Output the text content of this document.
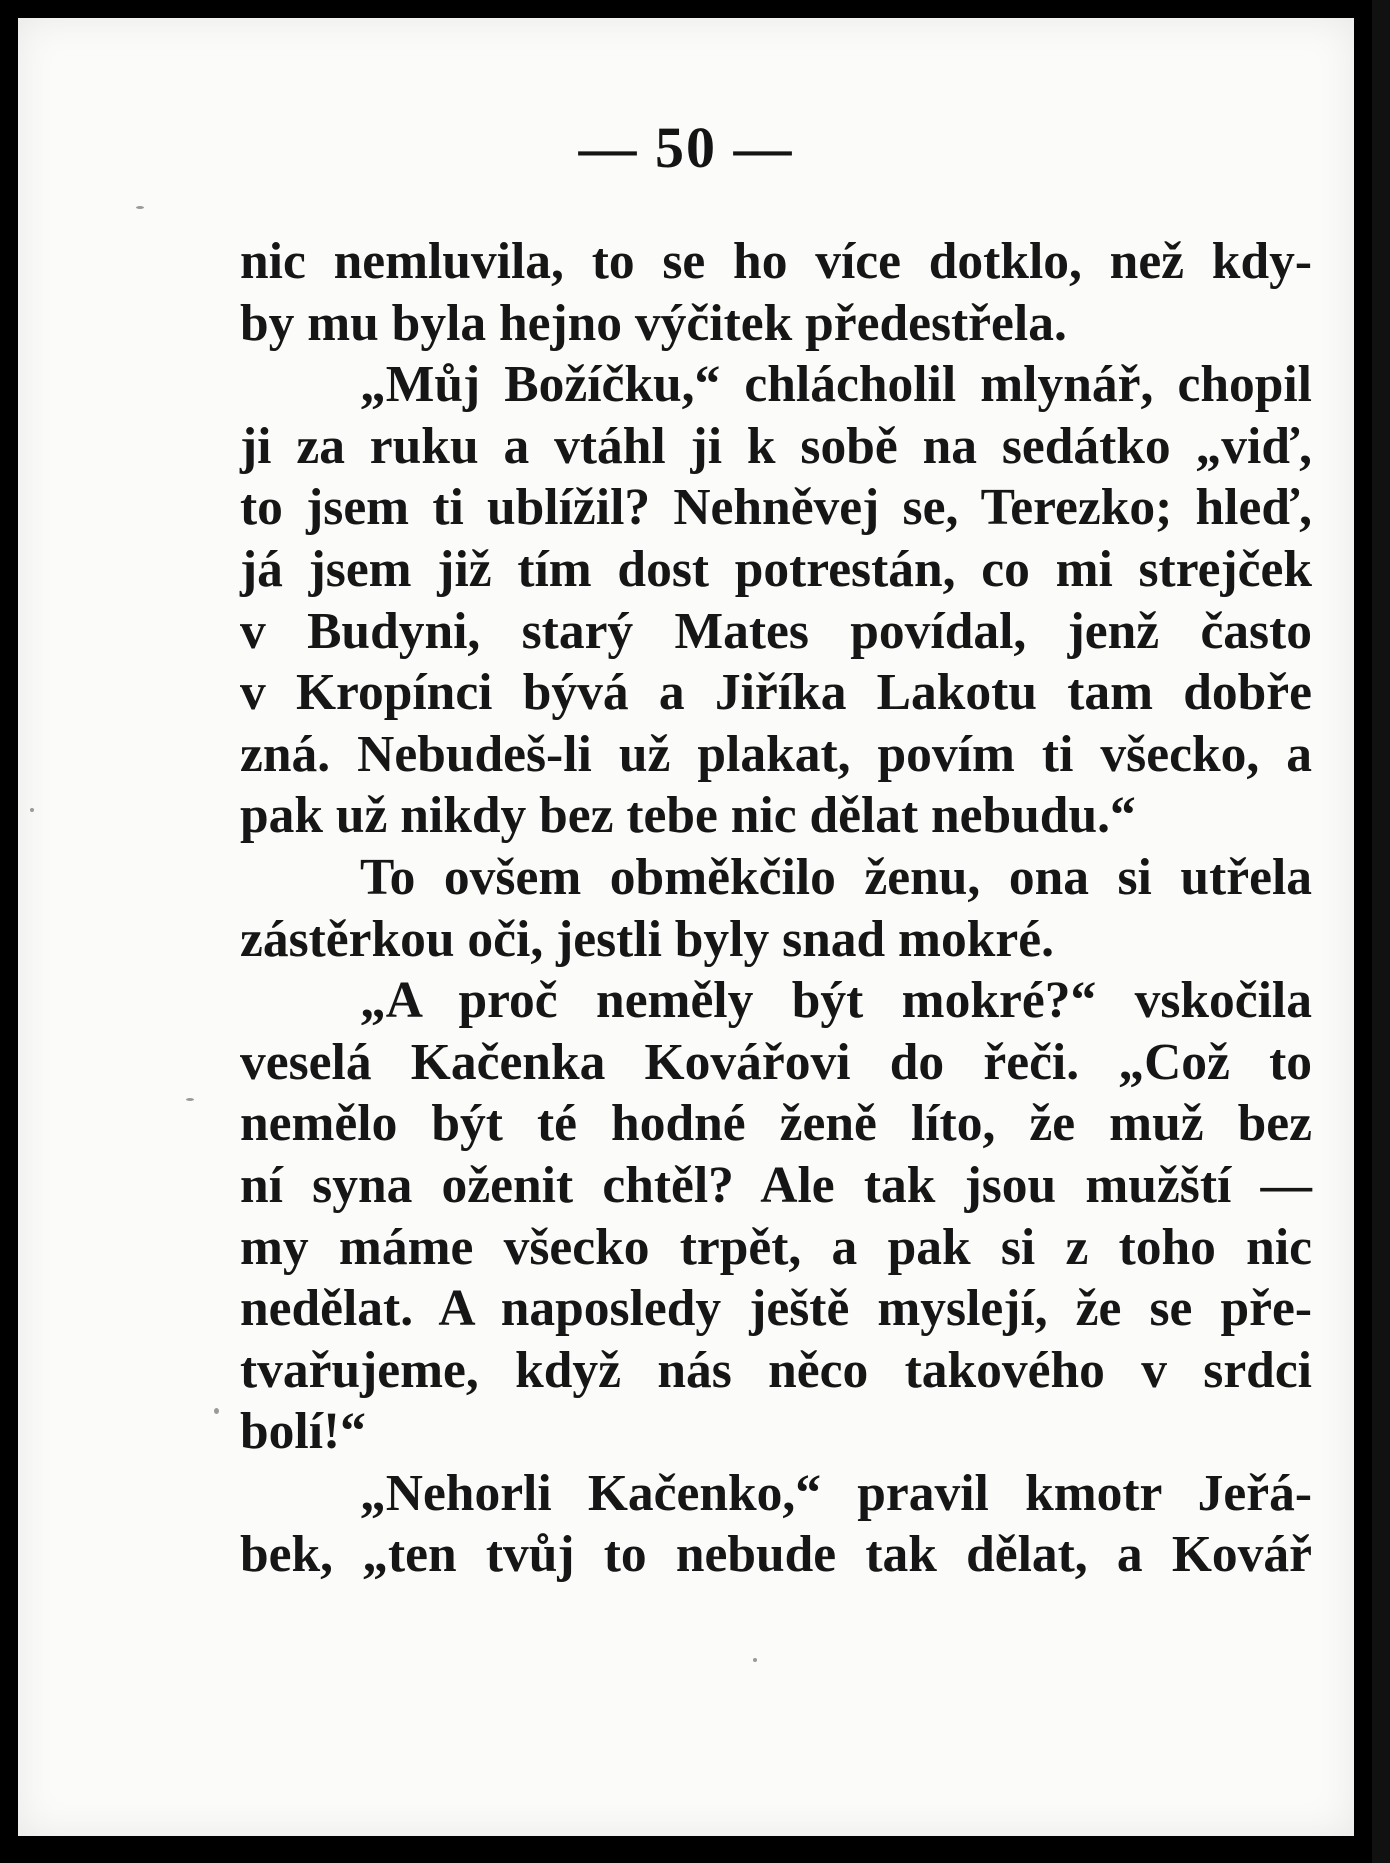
— 50 —
nic nemluvila, to se ho více dotklo, než kdy-
by mu byla hejno výčitek předestřela.
„Můj Božíčku,“ chlácholil mlynář, chopil
ji za ruku a vtáhl ji k sobě na sedátko „viď,
to jsem ti ublížil? Nehněvej se, Terezko; hleď,
já jsem již tím dost potrestán, co mi strejček
v Budyni, starý Mates povídal, jenž často
v Kropínci bývá a Jiříka Lakotu tam dobře
zná. Nebudeš-li už plakat, povím ti všecko, a
pak už nikdy bez tebe nic dělat nebudu.“
To ovšem obměkčilo ženu, ona si utřela
zástěrkou oči, jestli byly snad mokré.
„A proč neměly být mokré?“ vskočila
veselá Kačenka Kovářovi do řeči. „Což to
nemělo být té hodné ženě líto, že muž bez
ní syna oženit chtěl? Ale tak jsou mužští —
my máme všecko trpět, a pak si z toho nic
nedělat. A naposledy ještě myslejí, že se pře-
tvařujeme, když nás něco takového v srdci
bolí!“
„Nehorli Kačenko,“ pravil kmotr Jeřá-
bek, „ten tvůj to nebude tak dělat, a Kovář
